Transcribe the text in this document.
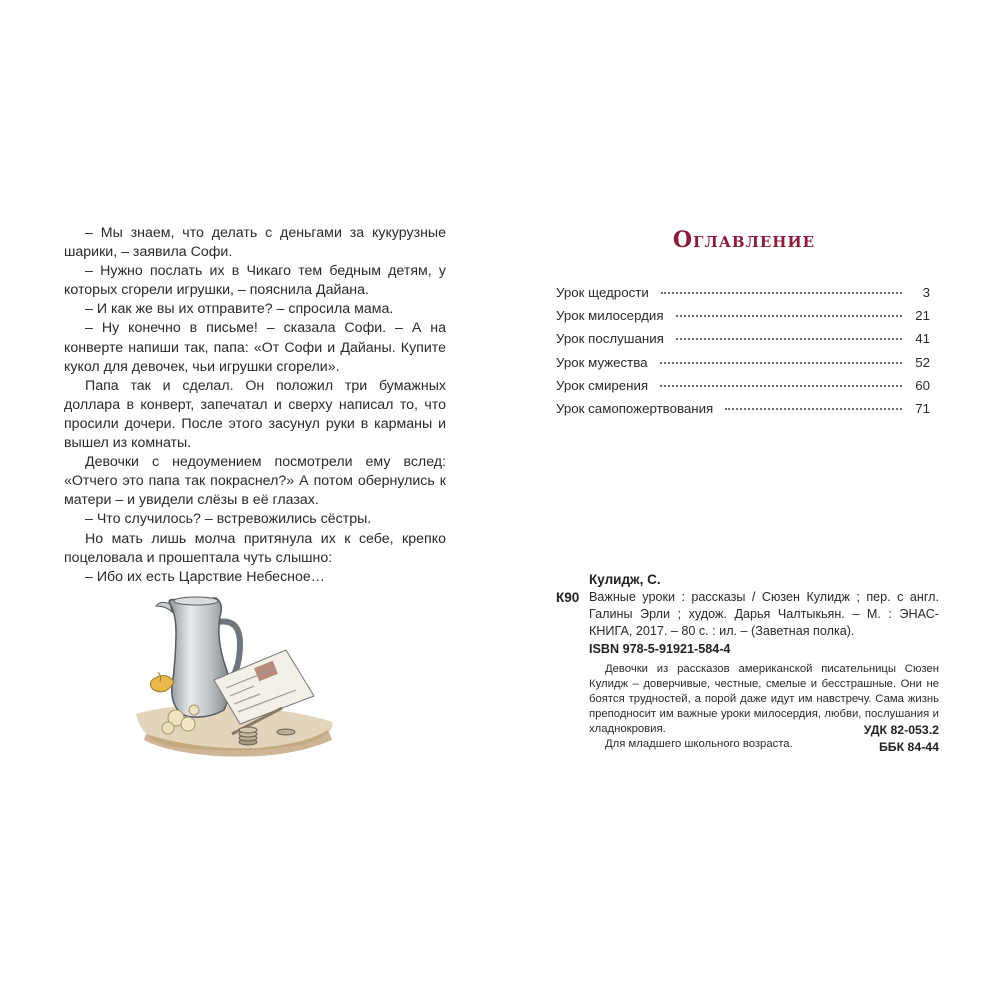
– Мы знаем, что делать с деньгами за кукурузные шарики, – заявила Софи.

– Нужно послать их в Чикаго тем бедным детям, у которых сгорели игрушки, – пояснила Дайана.

– И как же вы их отправите? – спросила мама.

– Ну конечно в письме! – сказала Софи. – А на конверте напиши так, папа: «От Софи и Дайаны. Купите кукол для девочек, чьи игрушки сгорели».

Папа так и сделал. Он положил три бумажных доллара в конверт, запечатал и сверху написал то, что просили дочери. После этого засунул руки в карманы и вышел из комнаты.

Девочки с недоумением посмотрели ему вслед: «Отчего это папа так покраснел?» А потом обернулись к матери – и увидели слёзы в её глазах.

– Что случилось? – встревожились сёстры.

Но мать лишь молча притянула их к себе, крепко поцеловала и прошептала чуть слышно:

– Ибо их есть Царствие Небесное…

Оглавление
Урок щедрости	3
Урок милосердия	21
Урок послушания	41
Урок мужества	52
Урок смирения	60
Урок самопожертвования	71
Кулидж, С.
К90 Важные уроки : рассказы / Сюзен Кулидж ; пер. с англ. Галины Эрли ; худож. Дарья Чалтыкьян. – М. : ЭНАС-КНИГА, 2017. – 80 с. : ил. – (Заветная полка).
ISBN 978-5-91921-584-4

Девочки из рассказов американской писательницы Сюзен Кулидж – доверчивые, честные, смелые и бесстрашные. Они не боятся трудностей, а порой даже идут им навстречу. Сама жизнь преподносит им важные уроки милосердия, любви, послушания и хладнокровия.

Для младшего школьного возраста.

УДК 82-053.2
ББК 84-44
